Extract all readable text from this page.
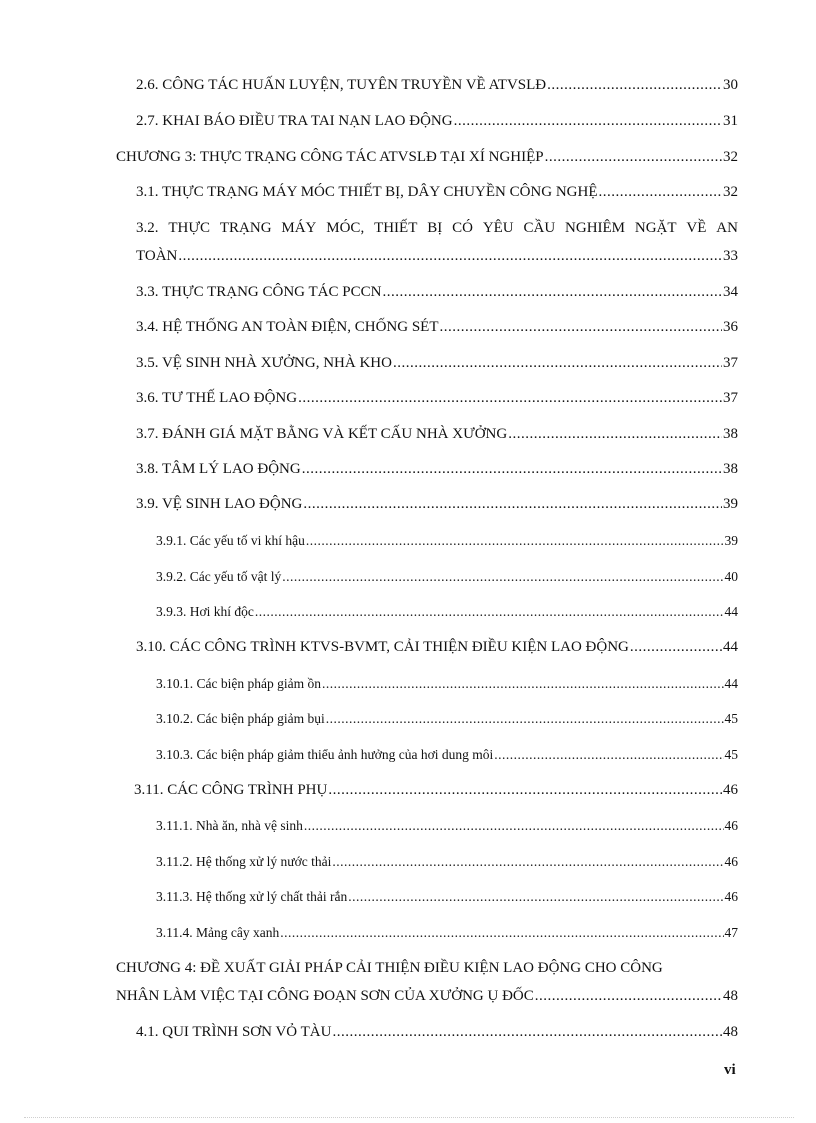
2.6. CÔNG TÁC HUẤN LUYỆN, TUYÊN TRUYỀN VỀ ATVSLĐ .....	30
2.7. KHAI BÁO ĐIỀU TRA TAI NẠN LAO ĐỘNG .....	31
CHƯƠNG 3: THỰC TRẠNG CÔNG TÁC ATVSLĐ TẠI XÍ NGHIỆP .....	32
3.1. THỰC TRẠNG MÁY MÓC THIẾT BỊ, DÂY CHUYỀN CÔNG NGHỆ .....	32
3.2. THỰC TRẠNG MÁY MÓC, THIẾT BỊ CÓ YÊU CẦU NGHIÊM NGẶT VỀ AN
TOÀN .....	33
3.3. THỰC TRẠNG CÔNG TÁC PCCN .....	34
3.4. HỆ THỐNG AN TOÀN ĐIỆN, CHỐNG SÉT .....	36
3.5. VỆ SINH NHÀ XƯỞNG, NHÀ KHO .....	37
3.6. TƯ THẾ LAO ĐỘNG .....	37
3.7. ĐÁNH GIÁ MẶT BẰNG VÀ KẾT CẤU NHÀ XƯỞNG .....	38
3.8. TÂM LÝ LAO ĐỘNG .....	38
3.9. VỆ SINH LAO ĐỘNG .....	39
3.9.1. Các yếu tố vi khí hậu .....	39
3.9.2. Các yếu tố vật lý .....	40
3.9.3. Hơi khí độc .....	44
3.10. CÁC CÔNG TRÌNH KTVS-BVMT, CẢI THIỆN ĐIỀU KIỆN LAO ĐỘNG .....	44
3.10.1. Các biện pháp giảm ồn .....	44
3.10.2. Các biện pháp giảm bụi .....	45
3.10.3. Các biện pháp giảm thiểu ảnh hưởng của hơi dung môi .....	45
3.11. CÁC CÔNG TRÌNH PHỤ .....	46
3.11.1. Nhà ăn, nhà vệ sinh .....	46
3.11.2. Hệ thống xử lý nước thải .....	46
3.11.3. Hệ thống xử lý chất thải rắn .....	46
3.11.4. Mảng cây xanh .....	47
CHƯƠNG 4: ĐỀ XUẤT GIẢI PHÁP CẢI THIỆN ĐIỀU KIỆN LAO ĐỘNG CHO CÔNG
NHÂN LÀM VIỆC TẠI CÔNG ĐOẠN SƠN CỦA XƯỞNG Ụ ĐỐC .....	48
4.1. QUI TRÌNH SƠN VỎ TÀU .....	48
vi
